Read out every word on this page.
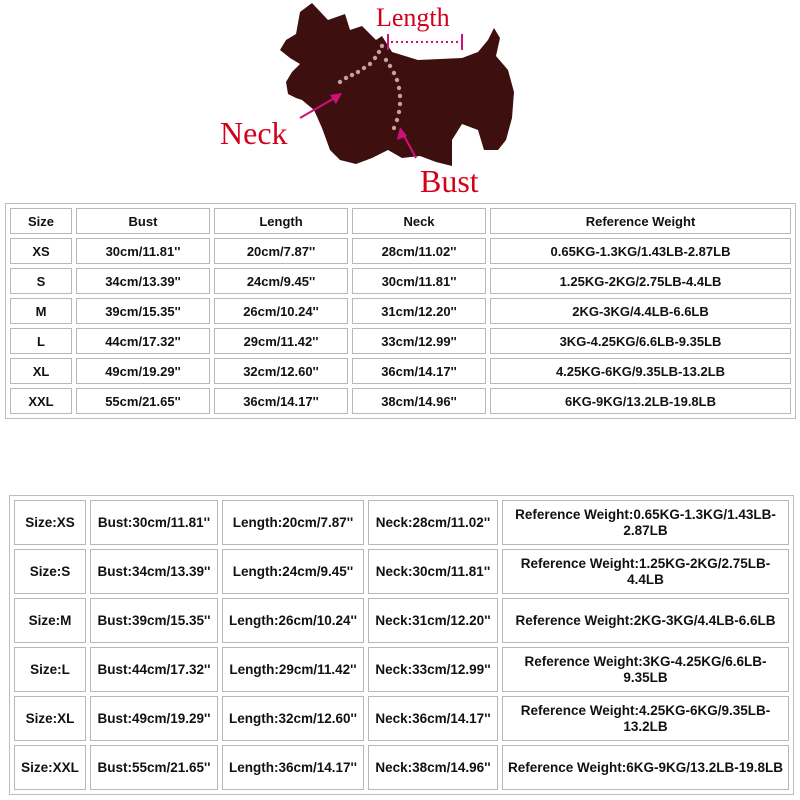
Length
Neck
Bust
Size	Bust	Length	Neck	Reference Weight
XS	30cm/11.81''	20cm/7.87''	28cm/11.02''	0.65KG-1.3KG/1.43LB-2.87LB
S	34cm/13.39''	24cm/9.45''	30cm/11.81''	1.25KG-2KG/2.75LB-4.4LB
M	39cm/15.35''	26cm/10.24''	31cm/12.20''	2KG-3KG/4.4LB-6.6LB
L	44cm/17.32''	29cm/11.42''	33cm/12.99''	3KG-4.25KG/6.6LB-9.35LB
XL	49cm/19.29''	32cm/12.60''	36cm/14.17''	4.25KG-6KG/9.35LB-13.2LB
XXL	55cm/21.65''	36cm/14.17''	38cm/14.96''	6KG-9KG/13.2LB-19.8LB
Size:XS	Bust:30cm/11.81''	Length:20cm/7.87''	Neck:28cm/11.02''	Reference Weight:0.65KG-1.3KG/1.43LB-2.87LB
Size:S	Bust:34cm/13.39''	Length:24cm/9.45''	Neck:30cm/11.81''	Reference Weight:1.25KG-2KG/2.75LB-4.4LB
Size:M	Bust:39cm/15.35''	Length:26cm/10.24''	Neck:31cm/12.20''	Reference Weight:2KG-3KG/4.4LB-6.6LB
Size:L	Bust:44cm/17.32''	Length:29cm/11.42''	Neck:33cm/12.99''	Reference Weight:3KG-4.25KG/6.6LB-9.35LB
Size:XL	Bust:49cm/19.29''	Length:32cm/12.60''	Neck:36cm/14.17''	Reference Weight:4.25KG-6KG/9.35LB-13.2LB
Size:XXL	Bust:55cm/21.65''	Length:36cm/14.17''	Neck:38cm/14.96''	Reference Weight:6KG-9KG/13.2LB-19.8LB
